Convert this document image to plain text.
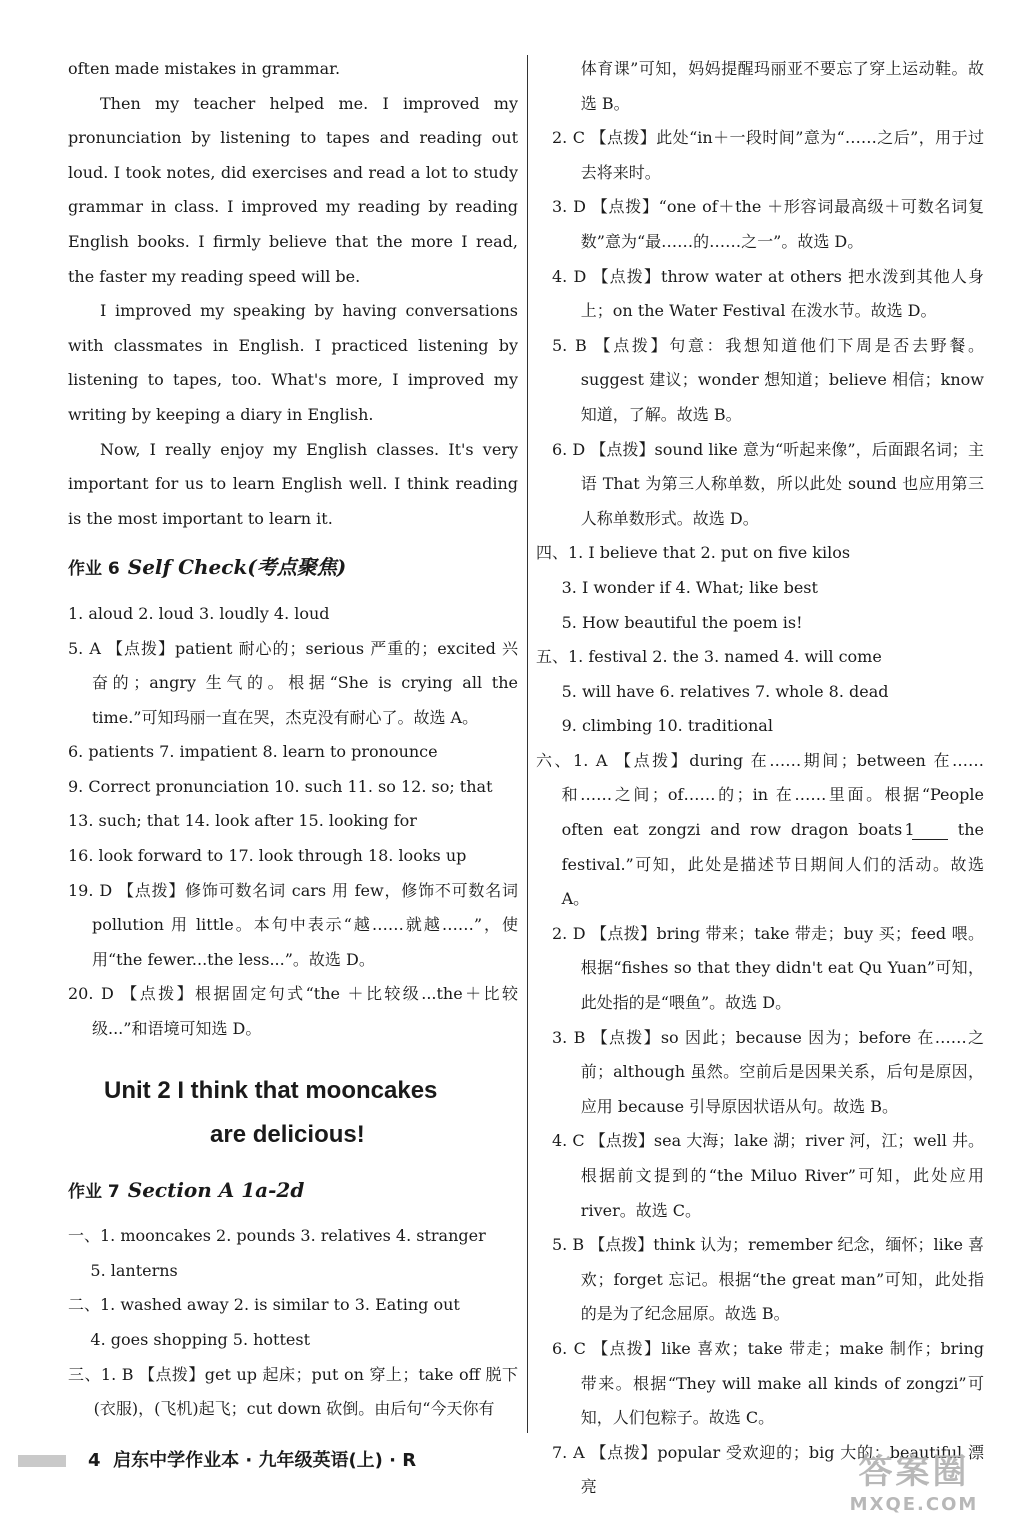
often made mistakes in grammar.

Then my teacher helped me. I improved my pronunciation by listening to tapes and reading out loud. I took notes, did exercises and read a lot to study grammar in class. I improved my reading by reading English books. I firmly believe that the more I read, the faster my reading speed will be.

I improved my speaking by having conversations with classmates in English. I practiced listening by listening to tapes, too. What's more, I improved my writing by keeping a diary in English.

Now, I really enjoy my English classes. It's very important for us to learn English well. I think reading is the most important to learn it.

作业 6 Self Check(考点聚焦)

1. aloud 2. loud 3. loudly 4. loud

5. A 【点拨】patient 耐心的；serious 严重的；excited 兴奋的；angry 生气的。根据“She is crying all the time.”可知玛丽一直在哭，杰克没有耐心了。故选 A。

6. patients 7. impatient 8. learn to pronounce

9. Correct pronunciation 10. such 11. so 12. so; that

13. such; that 14. look after 15. looking for

16. look forward to 17. look through 18. looks up

19. D 【点拨】修饰可数名词 cars 用 few，修饰不可数名词 pollution 用 little。本句中表示“越……就越……”，使用“the fewer...the less...”。故选 D。

20. D 【点拨】根据固定句式“the ＋比较级...the＋比较级...”和语境可知选 D。

Unit 2 I think that mooncakes
are delicious!
作业 7 Section A 1a-2d

一、1. mooncakes 2. pounds 3. relatives 4. stranger

5. lanterns

二、1. washed away 2. is similar to 3. Eating out

4. goes shopping 5. hottest

三、1. B 【点拨】get up 起床；put on 穿上；take off 脱下(衣服)，(飞机)起飞；cut down 砍倒。由后句“今天你有

体育课”可知，妈妈提醒玛丽亚不要忘了穿上运动鞋。故选 B。

2. C 【点拨】此处“in＋一段时间”意为“……之后”，用于过去将来时。

3. D 【点拨】“one of＋the ＋形容词最高级＋可数名词复数”意为“最……的……之一”。故选 D。

4. D 【点拨】throw water at others 把水泼到其他人身上；on the Water Festival 在泼水节。故选 D。

5. B 【点拨】句意：我想知道他们下周是否去野餐。suggest 建议；wonder 想知道；believe 相信；know 知道，了解。故选 B。

6. D 【点拨】sound like 意为“听起来像”，后面跟名词；主语 That 为第三人称单数，所以此处 sound 也应用第三人称单数形式。故选 D。

四、1. I believe that 2. put on five kilos

3. I wonder if 4. What; like best

5. How beautiful the poem is!

五、1. festival 2. the 3. named 4. will come

5. will have 6. relatives 7. whole 8. dead

9. climbing 10. traditional

六、1. A 【点拨】during 在……期间；between 在……和……之间；of……的；in 在……里面。根据“People often eat zongzi and row dragon boats 1	the festival.”可知，此处是描述节日期间人们的活动。故选 A。

2. D 【点拨】bring 带来；take 带走；buy 买；feed 喂。根据“fishes so that they didn't eat Qu Yuan”可知，此处指的是“喂鱼”。故选 D。

3. B 【点拨】so 因此；because 因为；before 在……之前；although 虽然。空前后是因果关系，后句是原因，应用 because 引导原因状语从句。故选 B。

4. C 【点拨】sea 大海；lake 湖；river 河，江；well 井。根据前文提到的“the Miluo River”可知，此处应用 river。故选 C。

5. B 【点拨】think 认为；remember 纪念，缅怀；like 喜欢；forget 忘记。根据“the great man”可知，此处指的是为了纪念屈原。故选 B。

6. C 【点拨】like 喜欢；take 带走；make 制作；bring 带来。根据“They will make all kinds of zongzi”可知，人们包粽子。故选 C。

7. A 【点拨】popular 受欢迎的；big 大的；beautiful 漂亮

4 启东中学作业本 · 九年级英语(上) · R	答案圈
MXQE.COM
